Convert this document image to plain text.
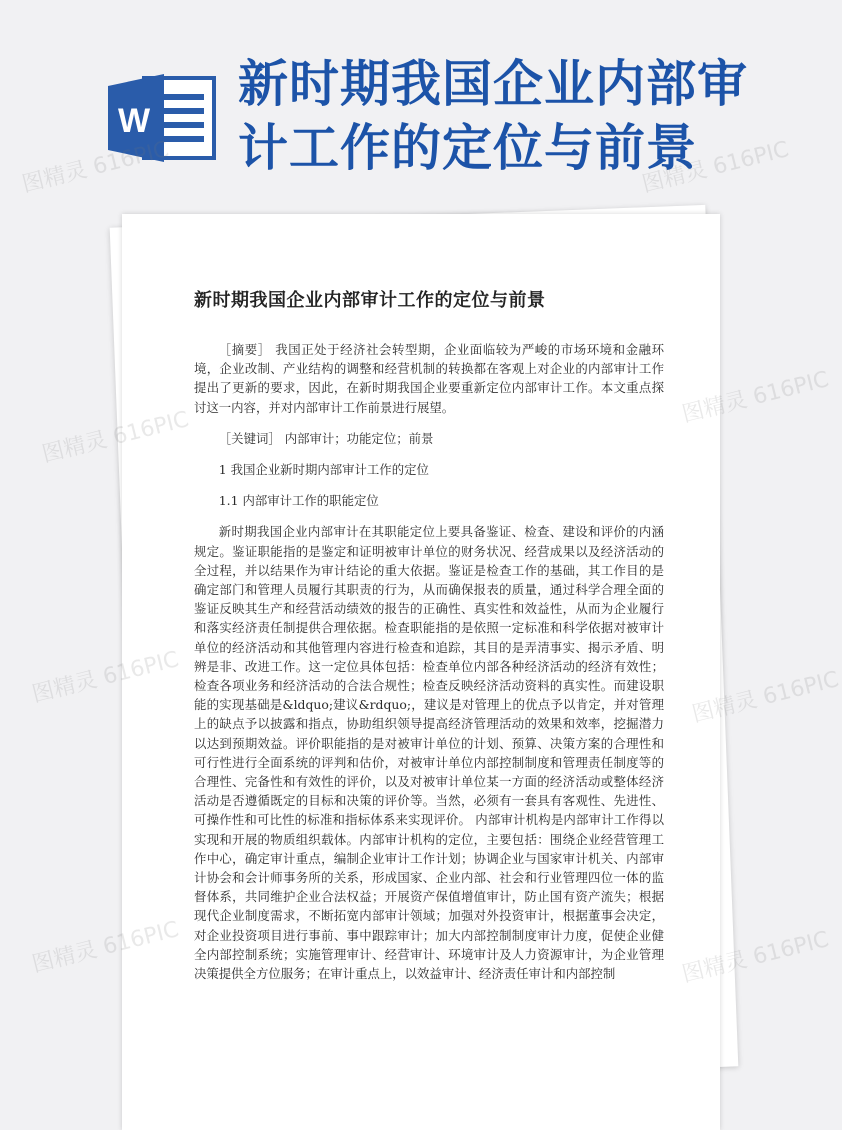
W
新时期我国企业内部审计工作的定位与前景
新时期我国企业内部审计工作的定位与前景

［摘要］ 我国正处于经济社会转型期，企业面临较为严峻的市场环境和金融环境，企业改制、产业结构的调整和经营机制的转换都在客观上对企业的内部审计工作提出了更新的要求，因此，在新时期我国企业要重新定位内部审计工作。本文重点探讨这一内容，并对内部审计工作前景进行展望。

［关键词］ 内部审计；功能定位；前景

1 我国企业新时期内部审计工作的定位

1.1 内部审计工作的职能定位

新时期我国企业内部审计在其职能定位上要具备鉴证、检查、建设和评价的内涵规定。鉴证职能指的是鉴定和证明被审计单位的财务状况、经营成果以及经济活动的全过程，并以结果作为审计结论的重大依据。鉴证是检查工作的基础，其工作目的是确定部门和管理人员履行其职责的行为，从而确保报表的质量，通过科学合理全面的鉴证反映其生产和经营活动绩效的报告的正确性、真实性和效益性，从而为企业履行和落实经济责任制提供合理依据。检查职能指的是依照一定标准和科学依据对被审计单位的经济活动和其他管理内容进行检查和追踪，其目的是弄清事实、揭示矛盾、明辨是非、改进工作。这一定位具体包括：检查单位内部各种经济活动的经济有效性；检查各项业务和经济活动的合法合规性；检查反映经济活动资料的真实性。而建设职能的实现基础是&ldquo;建议&rdquo;，建议是对管理上的优点予以肯定，并对管理上的缺点予以披露和指点，协助组织领导提高经济管理活动的效果和效率，挖掘潜力以达到预期效益。评价职能指的是对被审计单位的计划、预算、决策方案的合理性和可行性进行全面系统的评判和估价，对被审计单位内部控制制度和管理责任制度等的合理性、完备性和有效性的评价，以及对被审计单位某一方面的经济活动或整体经济活动是否遵循既定的目标和决策的评价等。当然，必须有一套具有客观性、先进性、可操作性和可比性的标准和指标体系来实现评价。 内部审计机构是内部审计工作得以实现和开展的物质组织载体。内部审计机构的定位，主要包括：围绕企业经营管理工作中心，确定审计重点，编制企业审计工作计划；协调企业与国家审计机关、内部审计协会和会计师事务所的关系，形成国家、企业内部、社会和行业管理四位一体的监督体系，共同维护企业合法权益；开展资产保值增值审计，防止国有资产流失；根据现代企业制度需求，不断拓宽内部审计领域；加强对外投资审计，根据董事会决定，对企业投资项目进行事前、事中跟踪审计；加大内部控制制度审计力度，促使企业健全内部控制系统；实施管理审计、经营审计、环境审计及人力资源审计，为企业管理决策提供全方位服务；在审计重点上，以效益审计、经济责任审计和内部控制

图精灵 616PIC	图精灵 616PIC
图精灵 616PIC
图精灵 616PIC
图精灵 616PIC	图精灵 616PIC
图精灵 616PIC	图精灵 616PIC
